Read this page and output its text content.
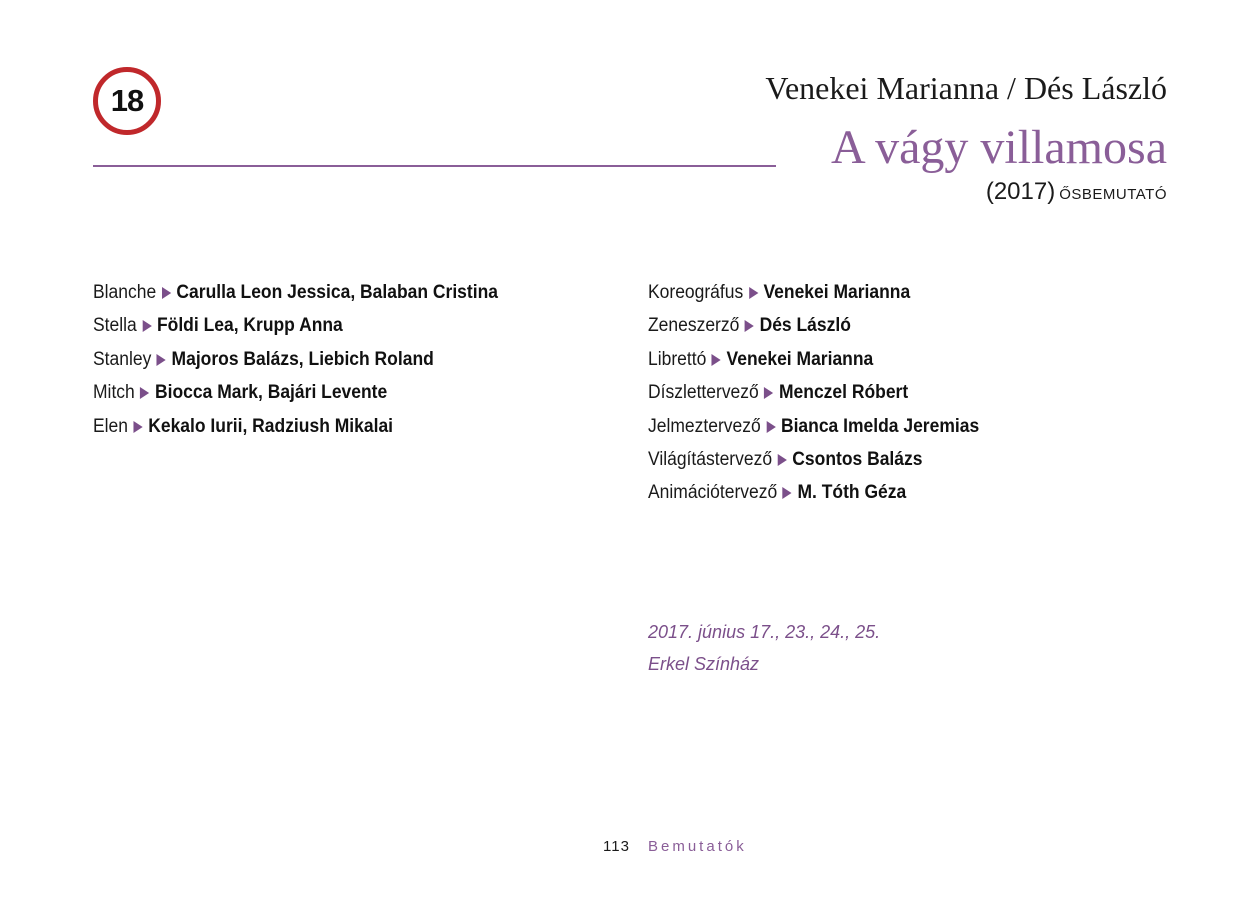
18	Venekei Marianna / Dés László
A vágy villamosa
(2017) ŐSBEMUTATÓ
Blanche Carulla Leon Jessica, Balaban Cristina
Stella Földi Lea, Krupp Anna
Stanley Majoros Balázs, Liebich Roland
Mitch Biocca Mark, Bajári Levente
Elen Kekalo Iurii, Radziush Mikalai
Koreográfus Venekei Marianna
Zeneszerző Dés László
Librettó Venekei Marianna
Díszlettervező Menczel Róbert
Jelmeztervező Bianca Imelda Jeremias
Világítástervező Csontos Balázs
Animációtervező M. Tóth Géza
2017. június 17., 23., 24., 25.
Erkel Színház
113 Bemutatók
